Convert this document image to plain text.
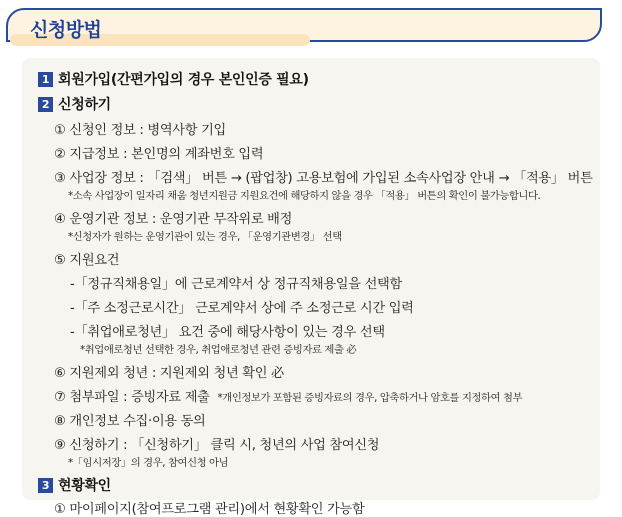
신청방법
1 회원가입(간편가입의 경우 본인인증 필요)
2 신청하기
① 신청인 정보 : 병역사항 기입
② 지급정보 : 본인명의 계좌번호 입력
③ 사업장 정보 : 「검색」 버튼 → (팝업창) 고용보험에 가입된 소속사업장 안내 → 「적용」 버튼
*소속 사업장이 일자리 채움 청년지원금 지원요건에 해당하지 않을 경우 「적용」 버튼의 확인이 불가능합니다.
④ 운영기관 정보 : 운영기관 무작위로 배정
*신청자가 원하는 운영기관이 있는 경우, 「운영기관변경」 선택
⑤ 지원요건
-「정규직채용일」에 근로계약서 상 정규직채용일을 선택함
-「주 소정근로시간」 근로계약서 상에 주 소정근로 시간 입력
-「취업애로청년」 요건 중에 해당사항이 있는 경우 선택
*취업애로청년 선택한 경우, 취업애로청년 관련 증빙자료 제출 必
⑥ 지원제외 청년 : 지원제외 청년 확인 必
⑦ 첨부파일 : 증빙자료 제출 *개인정보가 포함된 증빙자료의 경우, 압축하거나 암호를 지정하여 첨부
⑧ 개인정보 수집·이용 동의
⑨ 신청하기 : 「신청하기」 클릭 시, 청년의 사업 참여신청
*「임시저장」의 경우, 참여신청 아님
3 현황확인
① 마이페이지(참여프로그램 관리)에서 현황확인 가능함
